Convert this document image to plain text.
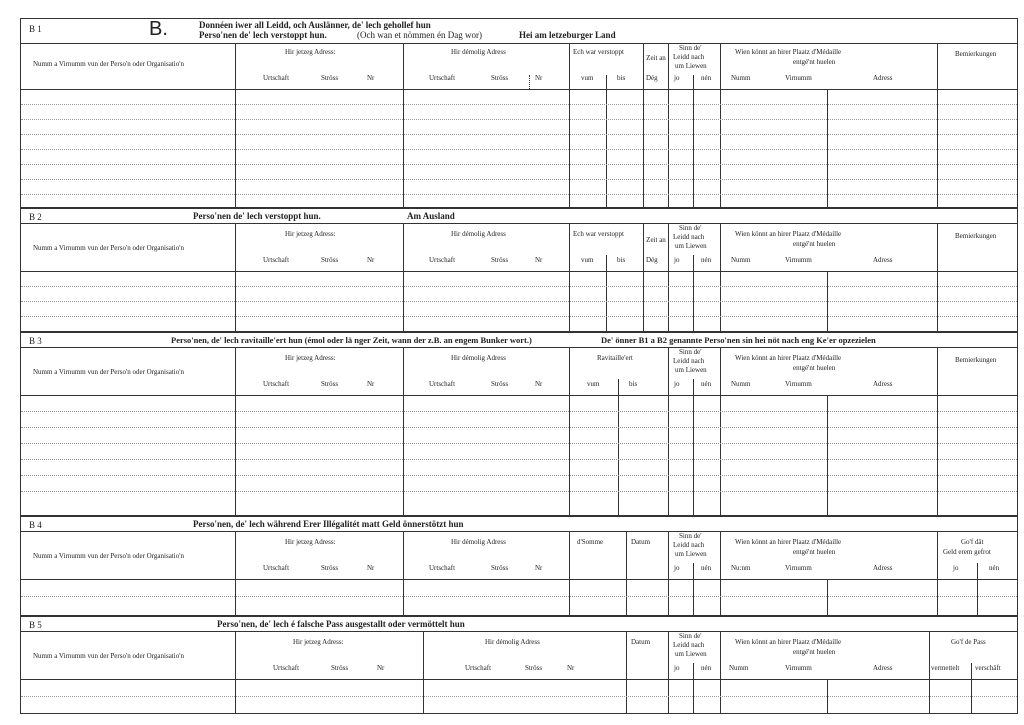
B 1	B.	Donnéen iwer all Leidd, och Auslänner, de' lech gehollef hun
Perso'nen de' lech verstoppt hun.	(Och wan et nömmen én Dag wor)	Hei am letzeburger Land
Numm a Virnumm vun der Perso'n oder Organisatio'n
Hir jetzeg Adress:
Urtschaft	Ströss	Nr
Hir démolig Adress
Urtschaft	Ströss	Nr
Ech war verstoppt
vum	bis
Zeit an
Dég
Sinn de'
Leidd nach
um Liewen
jo	nén
Wien könnt an hirer Plaatz d'Médaille
entgé'nt huelen
Numm	Virnumm	Adress
Bemierkungen
B 2	Perso'nen de' lech verstoppt hun.	Am Ausland
Numm a Virnumm vun der Perso'n oder Organisatio'n
Hir jetzeg Adress:
Urtschaft	Ströss	Nr
Hir démolig Adress
Urtschaft	Ströss	Nr
Ech war verstoppt
vum	bis
Zeit an
Dég
Sinn de'
Leidd nach
um Liewen
jo	nén
Wien könnt an hirer Plaatz d'Médaille
entgé'nt huelen
Numm	Virnumm	Adress
Bemierkungen
B 3	Perso'nen, de' lech ravitaille'ert hun (émol oder lä nger Zeit, wann der z.B. an engem Bunker wort.)	De' önner B1 a B2 genannte Perso'nen sin hei nöt nach eng Ke'er opzezielen
Numm a Virnumm vun der Perso'n oder Organisatio'n
Hir jetzeg Adress:
Urtschaft	Ströss	Nr
Hir démolig Adress
Urtschaft	Ströss	Nr
Ravitaille'ert
vum	bis
Sinn de'
Leidd nach
um Liewen
jo	nén
Wien könnt an hirer Plaatz d'Médaille
entgé'nt huelen
Numm	Virnumm	Adress
Bemierkungen
B 4	Perso'nen, de' lech während Erer Illégalitét matt Geld önnerstötzt hun
Numm a Virnumm vun der Perso'n oder Organisatio'n
Hir jetzeg Adress:
Urtschaft	Ströss	Nr
Hir démolig Adress
Urtschaft	Ströss	Nr
d'Somme	Datum
Sinn de'
Leidd nach
um Liewen
jo	nén
Wien könnt an hirer Plaatz d'Médaille
entgé'nt huelen
Nu:nm	Virnumm	Adress
Go'f dät
Geld erem gefrot
jo	nén
B 5	Perso'nen, de' lech é falsche Pass ausgestallt oder vermöttelt hun
Numm a Virnumm vun der Perso'n oder Organisatio'n
Hir jetzeg Adress:
Urtschaft	Ströss	Nr
Hir démolig Adress
Urtschaft	Ströss	Nr
Datum
Sinn de'
Leidd nach
um Liewen
jo	nén
Wien könnt an hirer Plaatz d'Médaille
entgé'nt huelen
Numm	Virnumm	Adress
Go'f de Pass
vermettelt verschäft
